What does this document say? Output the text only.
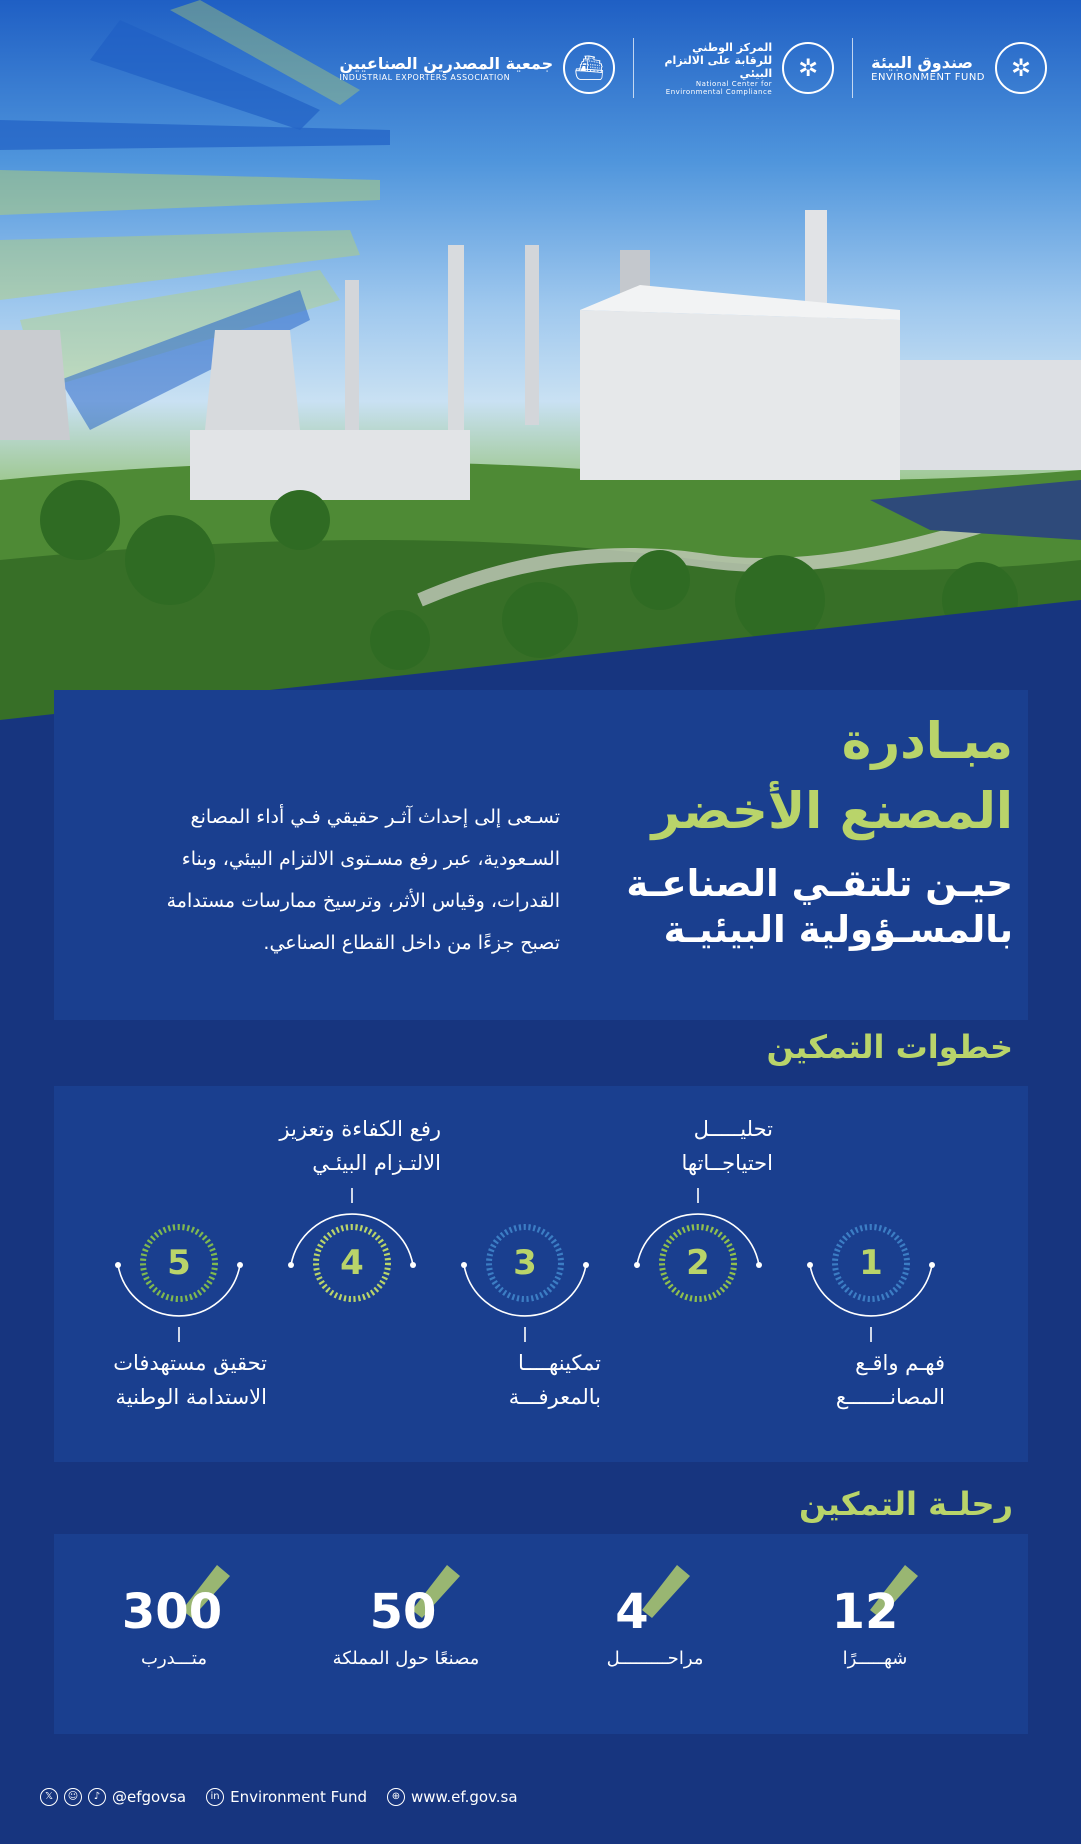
✲
صندوق البيئة
ENVIRONMENT FUND
✲
المركز الوطني للرقابة على الالتزام البيئي
National Center for Environmental Compliance
⛴
جمعية المصدرين الصناعيين
INDUSTRIAL EXPORTERS ASSOCIATION
مبـادرة
المصنع الأخضر
حيـن تلتقـي الصناعـة
بالمسـؤولية البيئيـة
تسـعى إلى إحداث آثـر حقيقي فـي أداء المصانع
السـعودية، عبر رفع مسـتوى الالتزام البيئي، وبناء
القدرات، وقياس الأثر، وترسيخ ممارسات مستدامة
تصبح جزءًا من داخل القطاع الصناعي.
خطوات التمكين
1
2
3
4
5
فهـم واقـع
المصانـــــــع
تحليـــــل
احتياجــاتها
تمكينهــــا
بالمعرفـــة
رفع الكفاءة وتعزيز
الالتـزام البيئـي
تحقيق مستهدفات
الاستدامة الوطنية
رحلـة التمكين
12
4
50
300
شهـــــرًا
مراحـــــــــل
مصنعًا حول المملكة
متـــدرب
𝕏	☺	♪ @efgovsa	in Environment Fund	⊕ www.ef.gov.sa
